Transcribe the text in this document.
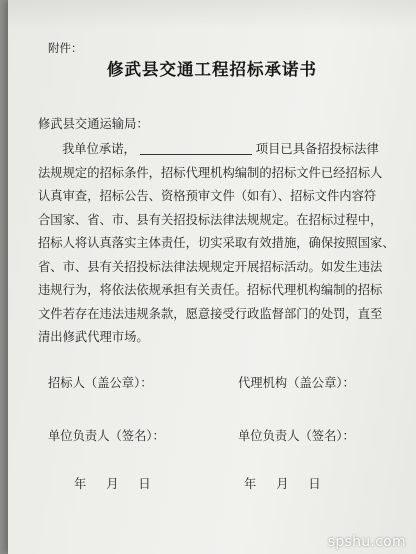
附件：
修武县交通工程招标承诺书
修武县交通运输局：
我单位承诺，	项目已具备招投标法律
法规规定的招标条件，招标代理机构编制的招标文件已经招标人
认真审查，招标公告、资格预审文件（如有）、招标文件内容符
合国家、省、市、县有关招投标法律法规规定。在招标过程中，
招标人将认真落实主体责任，切实采取有效措施，确保按照国家、
省、市、县有关招投标法律法规规定开展招标活动。如发生违法
违规行为，将依法依规承担有关责任。招标代理机构编制的招标
文件若存在违法违规条款，愿意接受行政监督部门的处罚，直至
清出修武代理市场。
招标人（盖公章）：	代理机构（盖公章）：
单位负责人（签名）：	单位负责人（签名）：
年 月 日	年 月 日
spshu.com
